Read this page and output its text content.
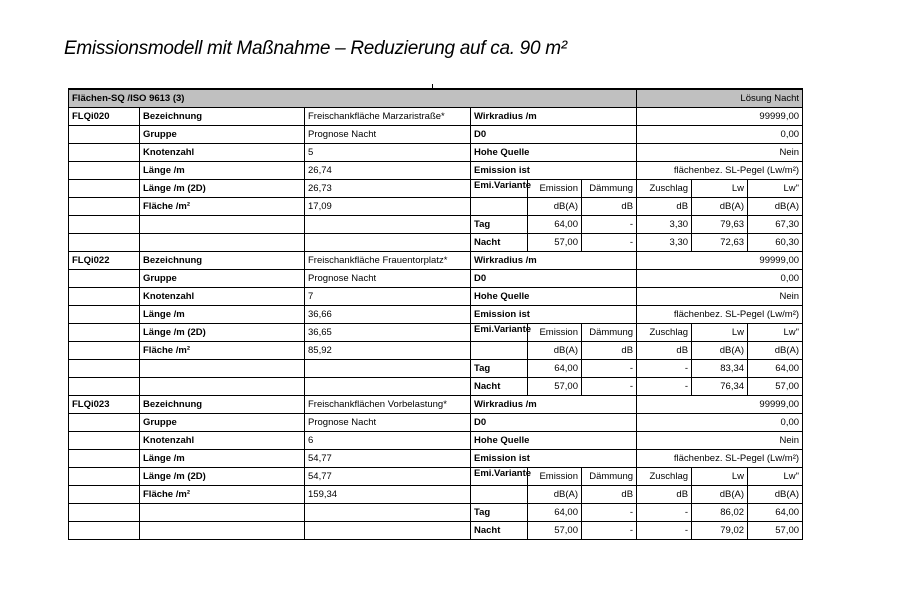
Emissionsmodell mit Maßnahme – Reduzierung auf ca. 90 m²
Flächen-SQ /ISO 9613 (3)						Lösung Nacht		
FLQi020	Bezeichnung	Freischankfläche Marzaristraße*	Wirkradius /m			99999,00		
	Gruppe	Prognose Nacht	D0			0,00		
	Knotenzahl	5	Hohe Quelle			Nein		
	Länge /m	26,74	Emission ist			flächenbez. SL-Pegel (Lw/m²)		
	Länge /m (2D)	26,73	Emi.Variante	Emission	Dämmung	Zuschlag	Lw	Lw"
	Fläche /m²	17,09		dB(A)	dB	dB	dB(A)	dB(A)
			Tag	64,00	-	3,30	79,63	67,30
			Nacht	57,00	-	3,30	72,63	60,30
FLQi022	Bezeichnung	Freischankfläche Frauentorplatz*	Wirkradius /m			99999,00		
	Gruppe	Prognose Nacht	D0			0,00		
	Knotenzahl	7	Hohe Quelle			Nein		
	Länge /m	36,66	Emission ist			flächenbez. SL-Pegel (Lw/m²)		
	Länge /m (2D)	36,65	Emi.Variante	Emission	Dämmung	Zuschlag	Lw	Lw"
	Fläche /m²	85,92		dB(A)	dB	dB	dB(A)	dB(A)
			Tag	64,00	-	-	83,34	64,00
			Nacht	57,00	-	-	76,34	57,00
FLQi023	Bezeichnung	Freischankflächen Vorbelastung*	Wirkradius /m			99999,00		
	Gruppe	Prognose Nacht	D0			0,00		
	Knotenzahl	6	Hohe Quelle			Nein		
	Länge /m	54,77	Emission ist			flächenbez. SL-Pegel (Lw/m²)		
	Länge /m (2D)	54,77	Emi.Variante	Emission	Dämmung	Zuschlag	Lw	Lw"
	Fläche /m²	159,34		dB(A)	dB	dB	dB(A)	dB(A)
			Tag	64,00	-	-	86,02	64,00
			Nacht	57,00	-	-	79,02	57,00
